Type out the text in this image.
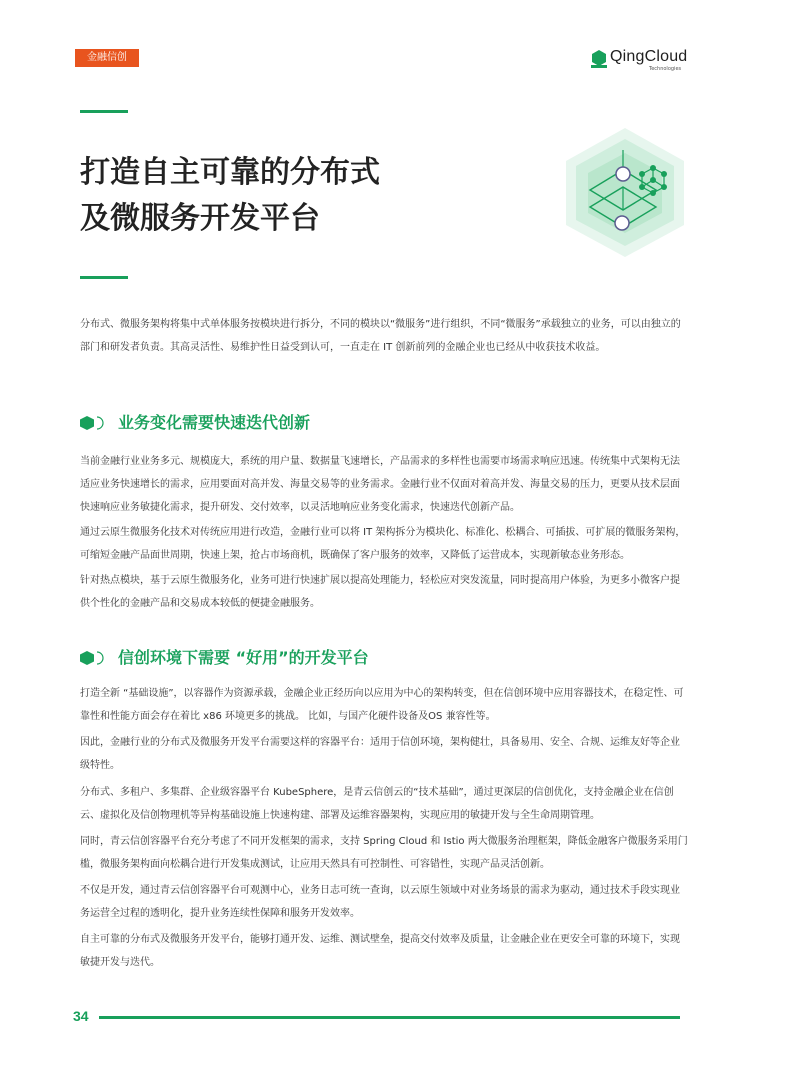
金融信创	QingCloud
Technologies
打造自主可靠的分布式
及微服务开发平台

分布式、微服务架构将集中式单体服务按模块进行拆分，不同的模块以“微服务”进行组织，不同“微服务”承载独立的业务，可以由独立的部门和研发者负责。其高灵活性、易维护性日益受到认可，一直走在 IT 创新前列的金融企业也已经从中收获技术收益。

业务变化需要快速迭代创新

当前金融行业业务多元、规模庞大，系统的用户量、数据量飞速增长，产品需求的多样性也需要市场需求响应迅速。传统集中式架构无法适应业务快速增长的需求，应用要面对高并发、海量交易等的业务需求。金融行业不仅面对着高并发、海量交易的压力，更要从技术层面快速响应业务敏捷化需求，提升研发、交付效率，以灵活地响应业务变化需求，快速迭代创新产品。

通过云原生微服务化技术对传统应用进行改造，金融行业可以将 IT 架构拆分为模块化、标准化、松耦合、可插拔、可扩展的微服务架构，可缩短金融产品面世周期，快速上架，抢占市场商机，既确保了客户服务的效率，又降低了运营成本，实现新敏态业务形态。

针对热点模块，基于云原生微服务化，业务可进行快速扩展以提高处理能力，轻松应对突发流量，同时提高用户体验，为更多小微客户提供个性化的金融产品和交易成本较低的便捷金融服务。

信创环境下需要 “好用”的开发平台

打造全新 “基础设施”，以容器作为资源承载，金融企业正经历向以应用为中心的架构转变，但在信创环境中应用容器技术，在稳定性、可靠性和性能方面会存在着比 x86 环境更多的挑战。 比如，与国产化硬件设备及OS 兼容性等。

因此，金融行业的分布式及微服务开发平台需要这样的容器平台：适用于信创环境，架构健壮，具备易用、安全、合规、运维友好等企业级特性。

分布式、多租户、多集群、企业级容器平台 KubeSphere，是青云信创云的“技术基础”，通过更深层的信创优化，支持金融企业在信创云、虚拟化及信创物理机等异构基础设施上快速构建、部署及运维容器架构，实现应用的敏捷开发与全生命周期管理。

同时，青云信创容器平台充分考虑了不同开发框架的需求，支持 Spring Cloud 和 Istio 两大微服务治理框架，降低金融客户微服务采用门槛，微服务架构面向松耦合进行开发集成测试，让应用天然具有可控制性、可容错性，实现产品灵活创新。

不仅是开发，通过青云信创容器平台可观测中心，业务日志可统一查询，以云原生领域中对业务场景的需求为驱动，通过技术手段实现业务运营全过程的透明化，提升业务连续性保障和服务开发效率。

自主可靠的分布式及微服务开发平台，能够打通开发、运维、测试壁垒，提高交付效率及质量，让金融企业在更安全可靠的环境下，实现敏捷开发与迭代。

34
